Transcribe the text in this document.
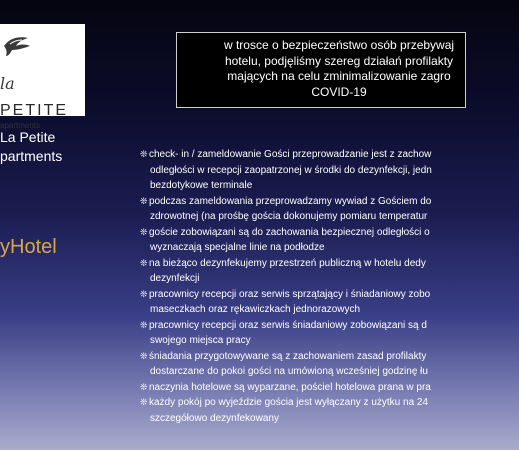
la
PETITE
apartments
La Petite
partments
yHotel
w trosce o bezpieczeństwo osób przebywaj
hotelu, podjęliśmy szereg działań profilakty
mających na celu zminimalizowanie zagro
COVID-19
❊ check- in / zameldowanie Gości przeprowadzanie jest z zachow
odległości w recepcji zaopatrzonej w środki do dezynfekcji, jedn
bezdotykowe terminale
❊ podczas zameldowania przeprowadzamy wywiad z Gościem do
zdrowotnej (na prośbę gościa dokonujemy pomiaru temperatur
❊ goście zobowiązani są do zachowania bezpiecznej odległości o
wyznaczają specjalne linie na podłodze
❊ na bieżąco dezynfekujemy przestrzeń publiczną w hotelu dedy
dezynfekcji
❊ pracownicy recepcji oraz serwis sprzątający i śniadaniowy zobo
maseczkach oraz rękawiczkach jednorazowych
❊ pracownicy recepcji oraz serwis śniadaniowy zobowiązani są d
swojego miejsca pracy
❊ śniadania przygotowywane są z zachowaniem zasad profilakty
dostarczane do pokoi gości na umówioną wcześniej godzinę łu
❊ naczynia hotelowe są wyparzane, pościel hotelowa prana w pra
❊ każdy pokój po wyjeździe gościa jest wyłączany z użytku na 24
szczegółowo dezynfekowany
